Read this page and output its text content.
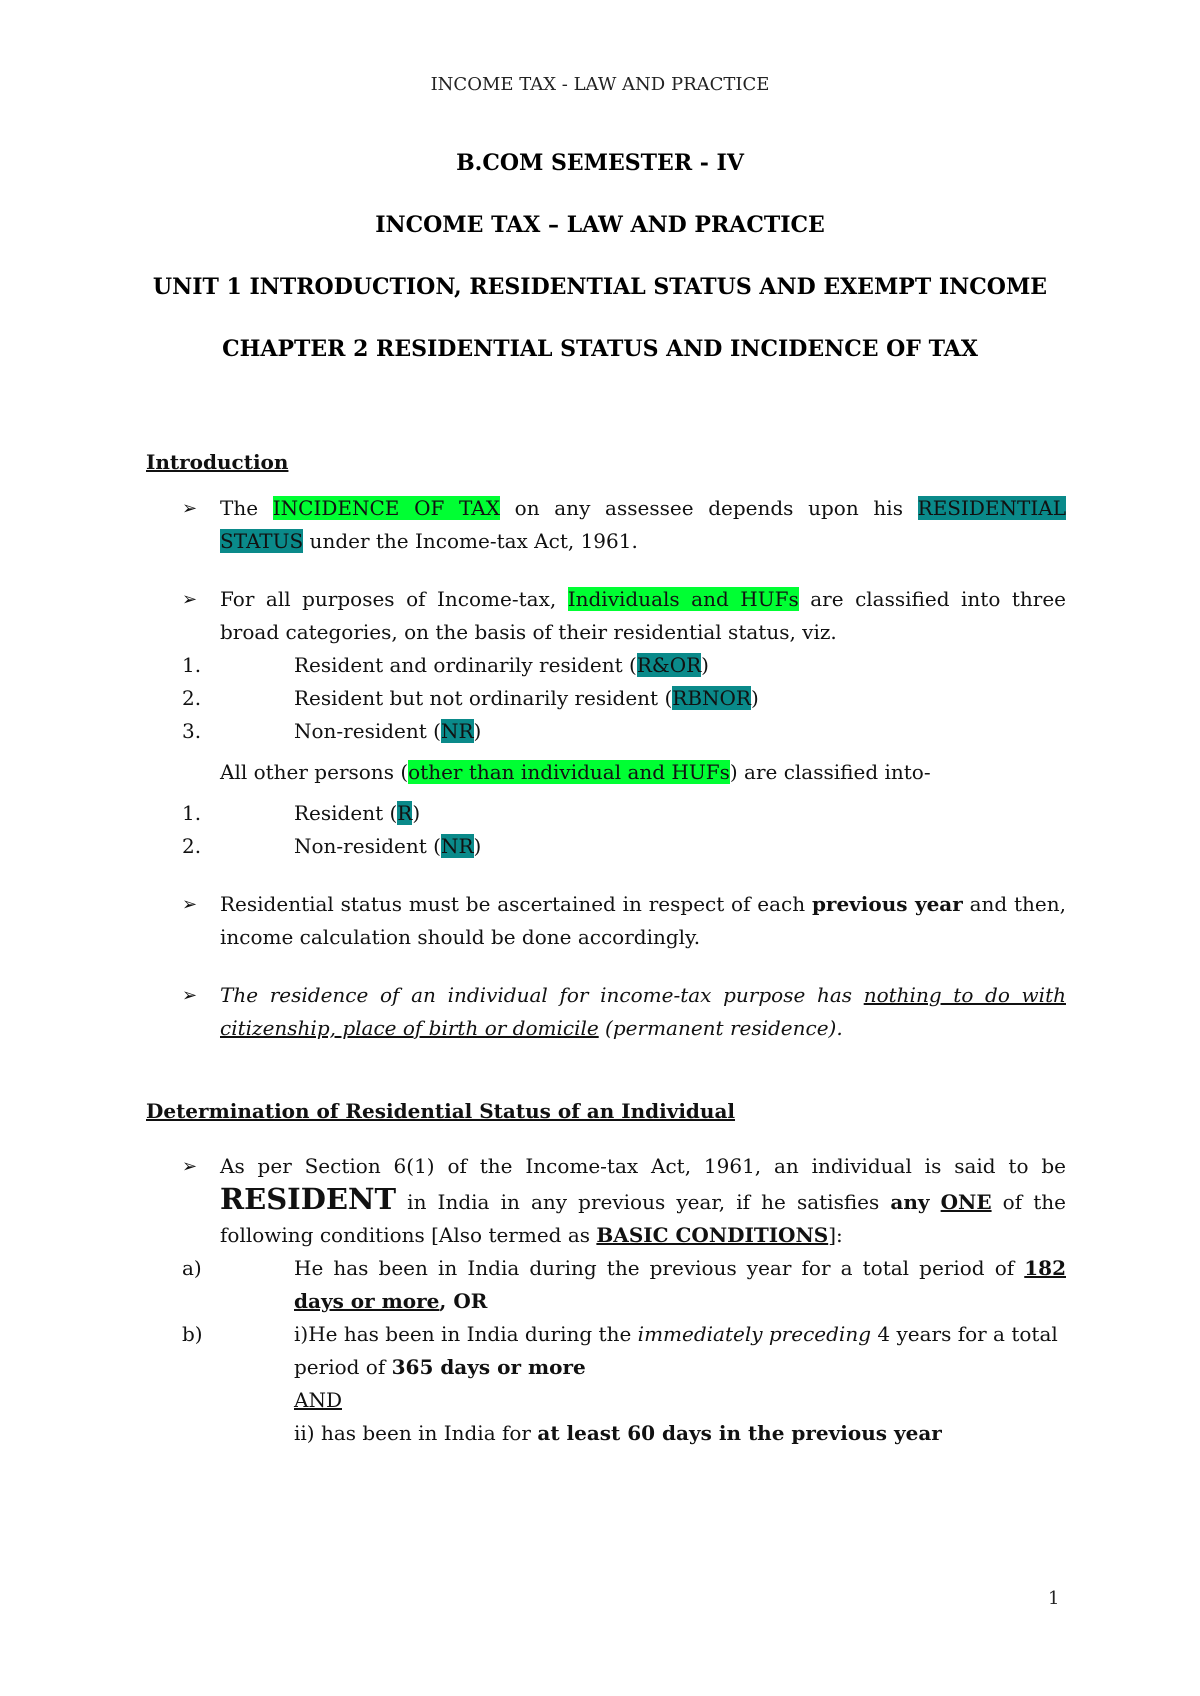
INCOME TAX - LAW AND PRACTICE
B.COM SEMESTER - IV
INCOME TAX – LAW AND PRACTICE
UNIT 1 INTRODUCTION, RESIDENTIAL STATUS AND EXEMPT INCOME
CHAPTER 2 RESIDENTIAL STATUS AND INCIDENCE OF TAX

Introduction

➢ The INCIDENCE OF TAX on any assessee depends upon his RESIDENTIAL STATUS under the Income-tax Act, 1961.

➢ For all purposes of Income-tax, Individuals and HUFs are classified into three broad categories, on the basis of their residential status, viz.

1.	Resident and ordinarily resident (R&OR)
2.	Resident but not ordinarily resident (RBNOR)
3.	Non-resident (NR)

All other persons (other than individual and HUFs) are classified into-

1.	Resident (R)
2.	Non-resident (NR)

➢ Residential status must be ascertained in respect of each previous year and then, income calculation should be done accordingly.

➢ The residence of an individual for income-tax purpose has nothing to do with citizenship, place of birth or domicile (permanent residence).

Determination of Residential Status of an Individual

➢ As per Section 6(1) of the Income-tax Act, 1961, an individual is said to be RESIDENT in India in any previous year, if he satisfies any ONE of the following conditions [Also termed as BASIC CONDITIONS]:

a)	He has been in India during the previous year for a total period of 182 days or more, OR
b)	i)He has been in India during the immediately preceding 4 years for a total period of 365 days or more
AND
ii) has been in India for at least 60 days in the previous year
1
